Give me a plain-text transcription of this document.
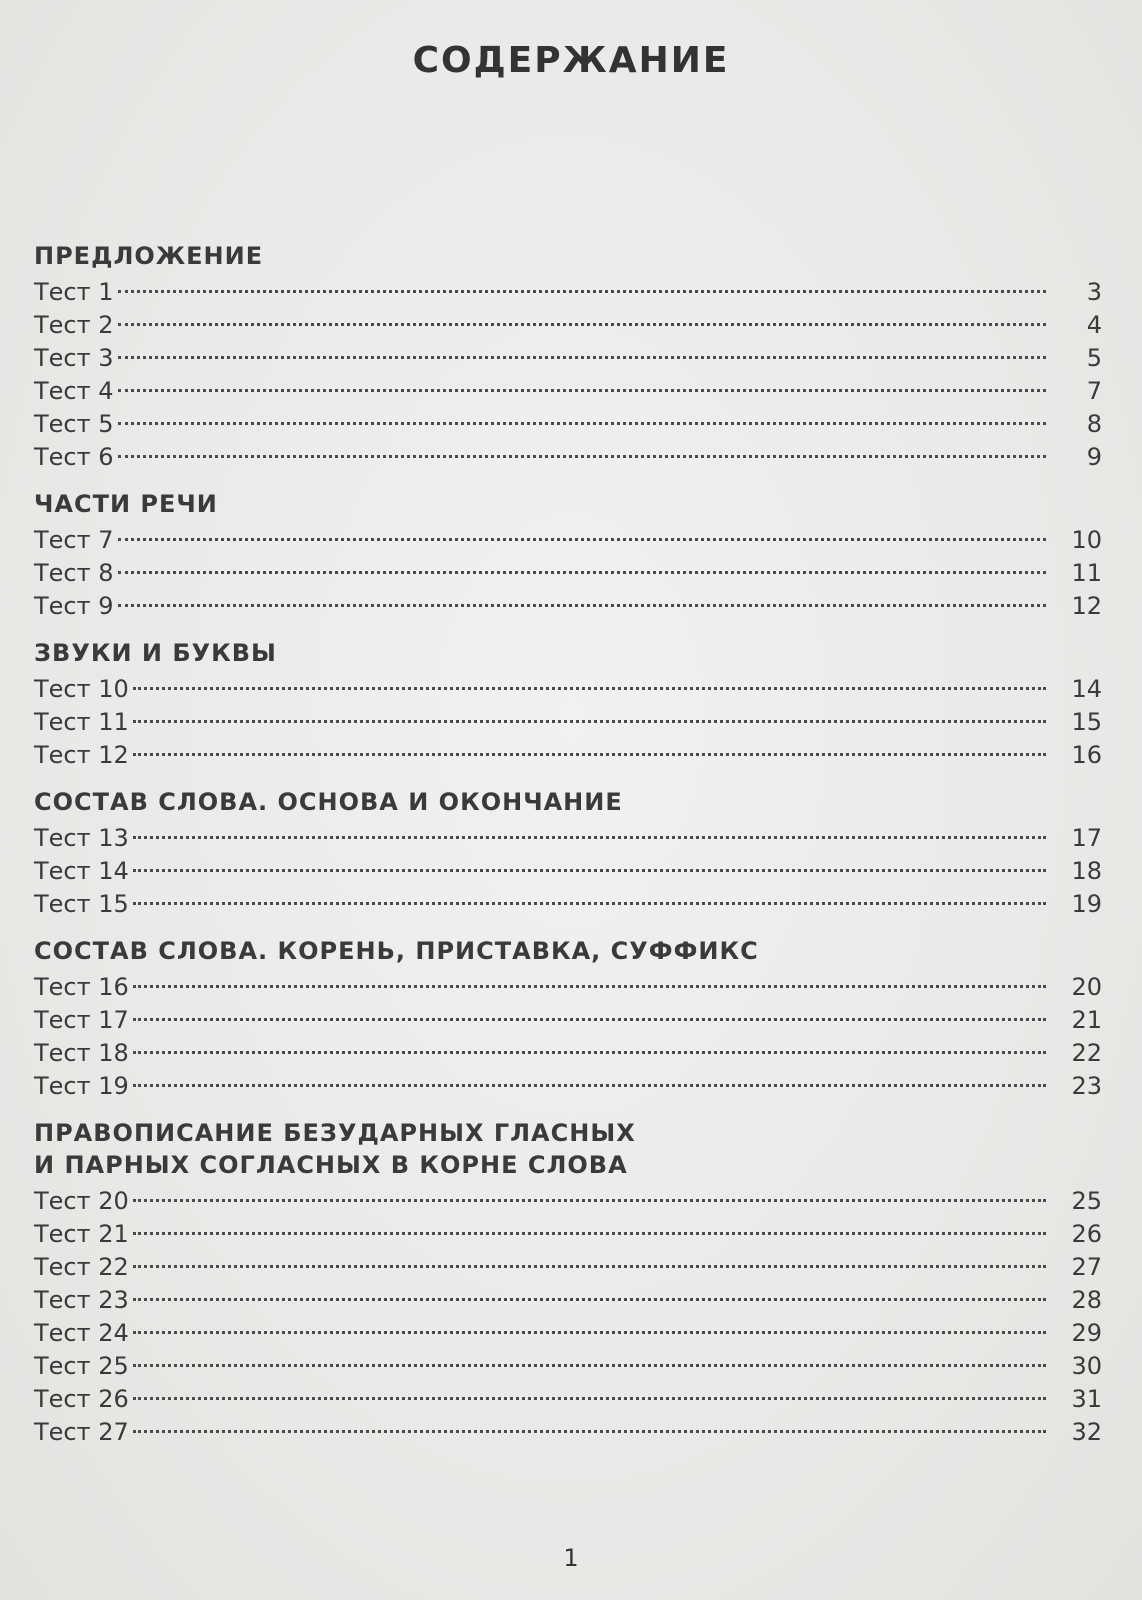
СОДЕРЖАНИЕ
ПРЕДЛОЖЕНИЕ
Тест 1	3
Тест 2	4
Тест 3	5
Тест 4	7
Тест 5	8
Тест 6	9
ЧАСТИ РЕЧИ
Тест 7	10
Тест 8	11
Тест 9	12
ЗВУКИ И БУКВЫ
Тест 10	14
Тест 11	15
Тест 12	16
СОСТАВ СЛОВА. ОСНОВА И ОКОНЧАНИЕ
Тест 13	17
Тест 14	18
Тест 15	19
СОСТАВ СЛОВА. КОРЕНЬ, ПРИСТАВКА, СУФФИКС
Тест 16	20
Тест 17	21
Тест 18	22
Тест 19	23
ПРАВОПИСАНИЕ БЕЗУДАРНЫХ ГЛАСНЫХ
И ПАРНЫХ СОГЛАСНЫХ В КОРНЕ СЛОВА
Тест 20	25
Тест 21	26
Тест 22	27
Тест 23	28
Тест 24	29
Тест 25	30
Тест 26	31
Тест 27	32
1
